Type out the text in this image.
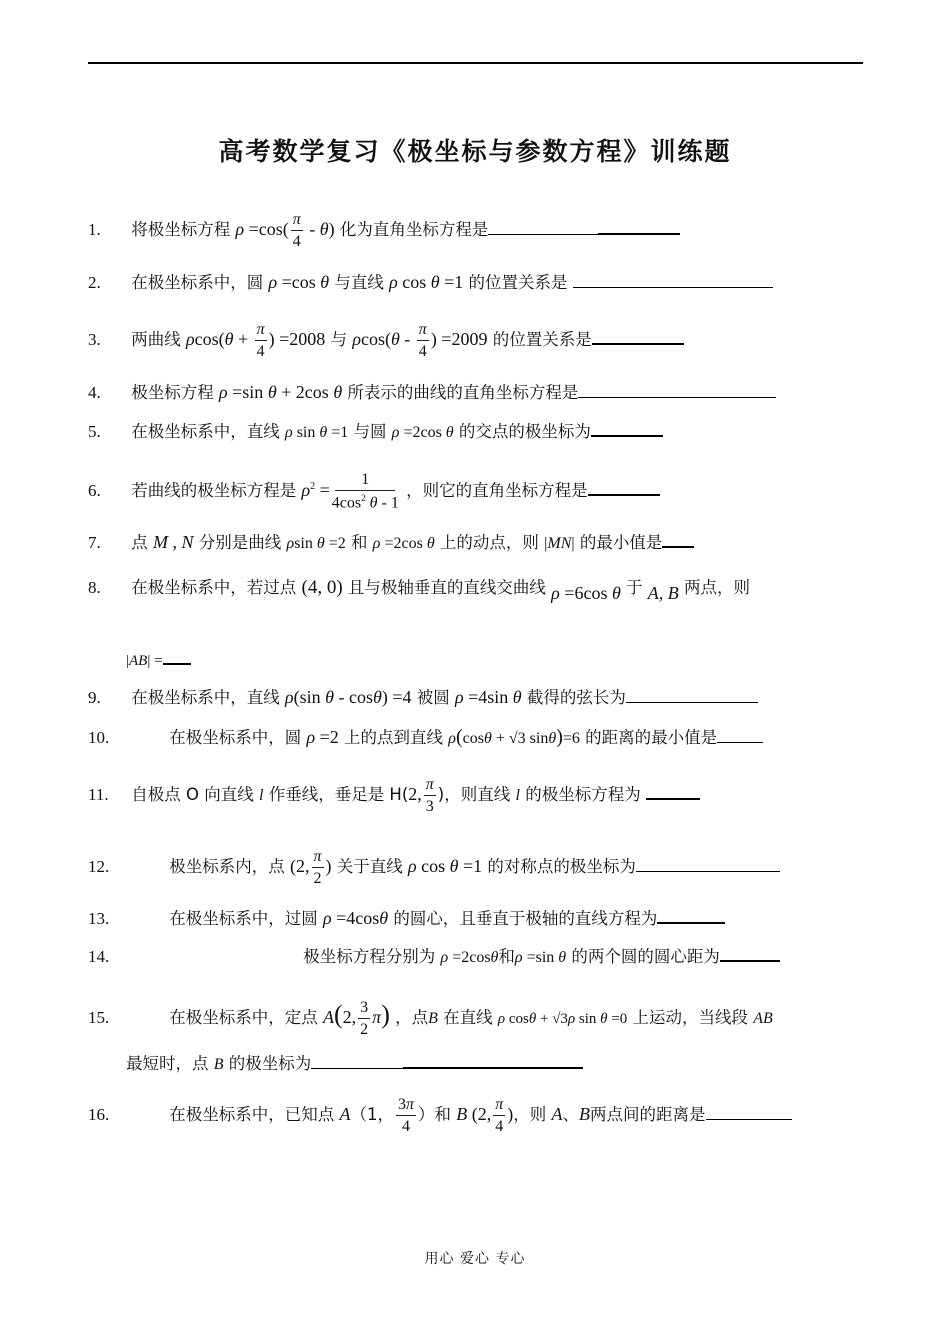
高考数学复习《极坐标与参数方程》训练题
1. 将极坐标方程 $\rho =\cos( \frac{\pi}{4} - \theta)$ 化为直角坐标方程是
2. 在极坐标系中，圆 ρ =cos θ 与直线 ρ cos θ =1 的位置关系是
3. 两曲线 $\rho\cos(\theta + \frac{\pi}{4}$ ) =2008 与 $\rho\cos(\theta - \frac{\pi}{4}$ ) =2009 的位置关系是
4. 极坐标方程 ρ =sin θ + 2cos θ 所表示的曲线的直角坐标方程是
5. 在极坐标系中，直线 ρ sin θ =1 与圆 ρ =2cos θ 的交点的极坐标为
6. 若曲线的极坐标方程是 $\rho^2 = \frac{1}{4\cos^2 \theta - 1}$ ，则它的直角坐标方程是
7. 点 M , N 分别是曲线 ρsin θ =2 和 ρ =2cos θ 上的动点，则 |MN| 的最小值是
8. 在极坐标系中，若过点 (4, 0) 且与极轴垂直的直线交曲线 ρ =6cos θ 于 A, B 两点，则
|AB| =
9. 在极坐标系中，直线 ρ(sin θ - cosθ) =4 被圆 ρ =4sin θ 截得的弦长为
10.	在极坐标系中，圆 ρ =2 上的点到直线 ρ(cosθ + √3 sinθ)=6 的距离的最小值是
11. 自极点 O 向直线 l 作垂线，垂足是 H(2, $\frac{\pi}{3}$ )，则直线 l 的极坐标方程为
12.	极坐标系内，点 (2, $\frac{\pi}{2}$ ) 关于直线 ρ cos θ =1 的对称点的极坐标为
13.	在极坐标系中，过圆 ρ =4cosθ 的圆心，且垂直于极轴的直线方程为
14.	极坐标方程分别为 ρ =2cosθ和ρ =sin θ 的两个圆的圆心距为
15.	在极坐标系中，定点 A(2, $\frac{3}{2} \pi$) ，点B 在直线 ρ cosθ + √3ρ sin θ =0 上运动，当线段 AB
最短时，点 B 的极坐标为
16.	在极坐标系中，已知点 A（1， $\frac{3\pi}{4}$ ）和 B (2, $\frac{\pi}{4}$ )，则 A、B两点间的距离是
用心 爱心 专心
